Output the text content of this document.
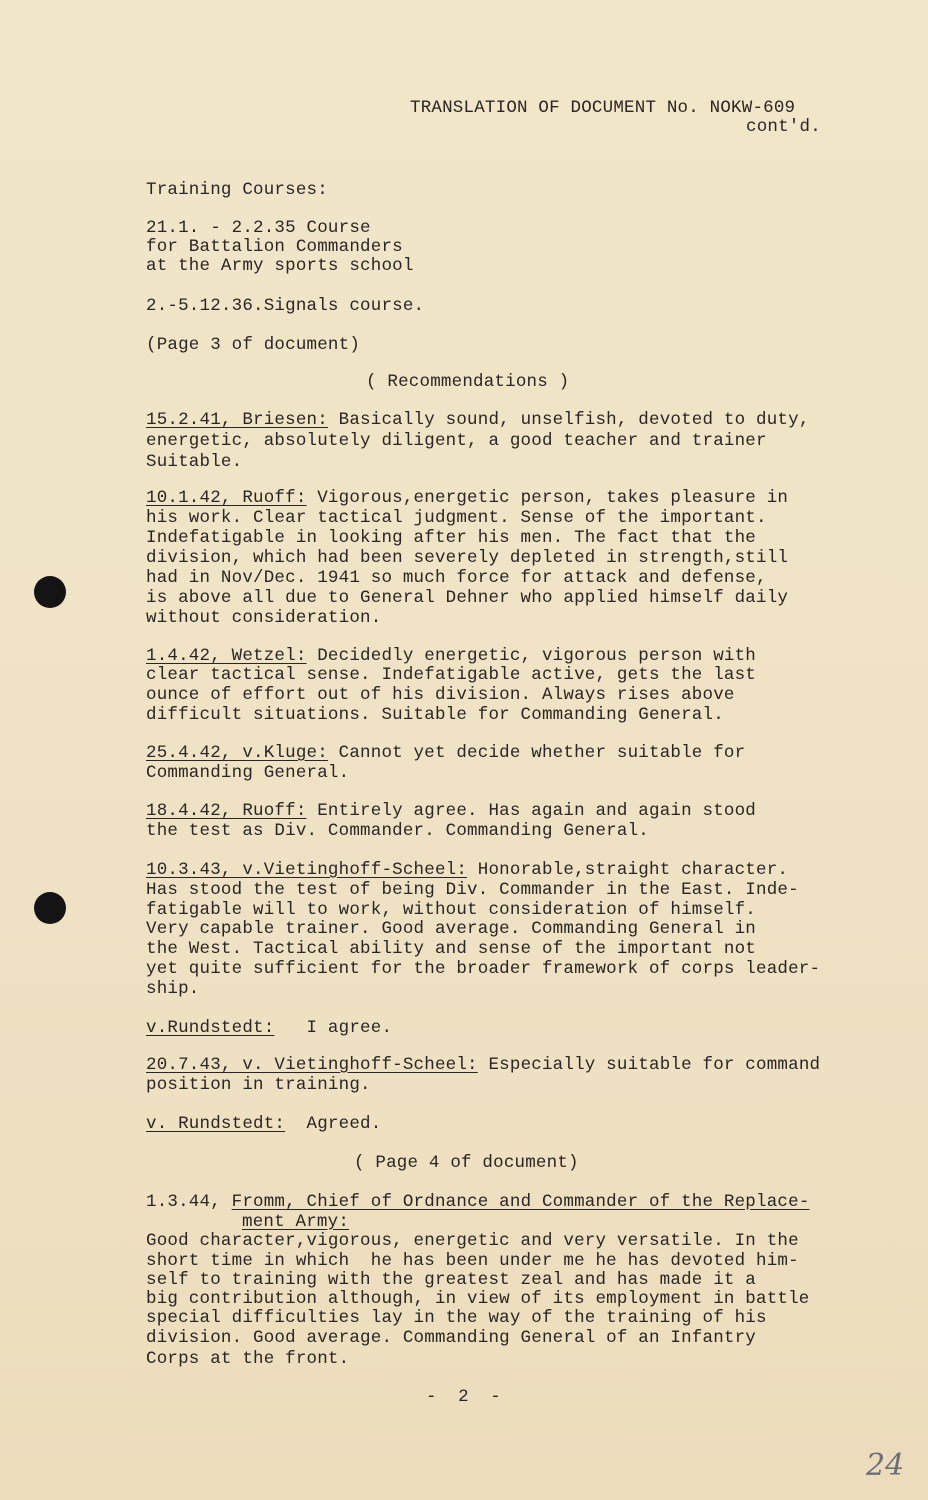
TRANSLATION OF DOCUMENT No. NOKW-609
cont'd.
Training Courses:
21.1. - 2.2.35 Course
for Battalion Commanders
at the Army sports school
2.-5.12.36.Signals course.
(Page 3 of document)
( Recommendations )
15.2.41, Briesen: Basically sound, unselfish, devoted to duty,
energetic, absolutely diligent, a good teacher and trainer
Suitable.
10.1.42, Ruoff: Vigorous,energetic person, takes pleasure in
his work. Clear tactical judgment. Sense of the important.
Indefatigable in looking after his men. The fact that the
division, which had been severely depleted in strength,still
had in Nov/Dec. 1941 so much force for attack and defense,
is above all due to General Dehner who applied himself daily
without consideration.
1.4.42, Wetzel: Decidedly energetic, vigorous person with
clear tactical sense. Indefatigable active, gets the last
ounce of effort out of his division. Always rises above
difficult situations. Suitable for Commanding General.
25.4.42, v.Kluge: Cannot yet decide whether suitable for
Commanding General.
18.4.42, Ruoff: Entirely agree. Has again and again stood
the test as Div. Commander. Commanding General.
10.3.43, v.Vietinghoff-Scheel: Honorable,straight character.
Has stood the test of being Div. Commander in the East. Inde-
fatigable will to work, without consideration of himself.
Very capable trainer. Good average. Commanding General in
the West. Tactical ability and sense of the important not
yet quite sufficient for the broader framework of corps leader-
ship.
v.Rundstedt:   I agree.
20.7.43, v. Vietinghoff-Scheel: Especially suitable for command
position in training.
v. Rundstedt:  Agreed.
( Page 4 of document)
1.3.44, Fromm, Chief of Ordnance and Commander of the Replace-
ment Army:
Good character,vigorous, energetic and very versatile. In the
short time in which  he has been under me he has devoted him-
self to training with the greatest zeal and has made it a
big contribution although, in view of its employment in battle
special difficulties lay in the way of the training of his
division. Good average. Commanding General of an Infantry
Corps at the front.
-  2  -
24
